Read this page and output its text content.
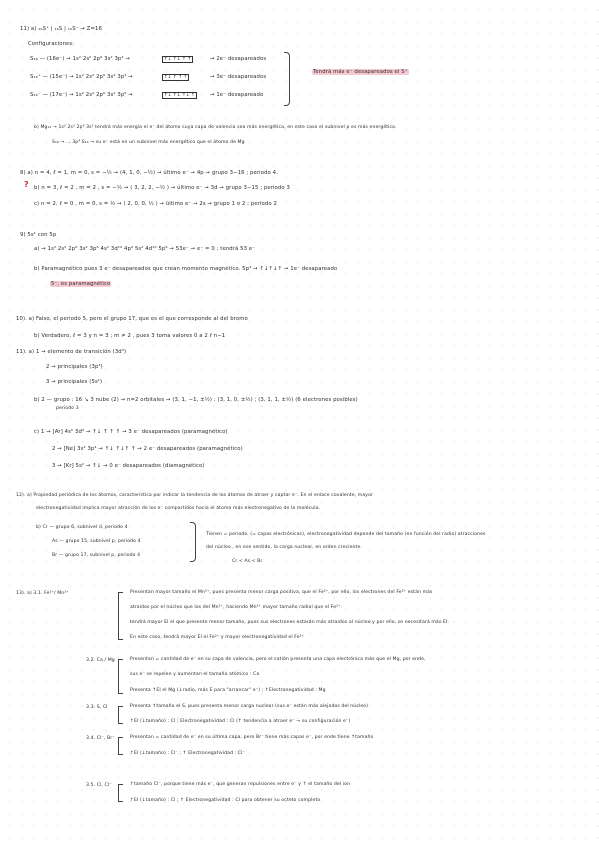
11) a) ₁₆S⁺ | ₁₆S | ₁₆S⁻ → Z=16
Configuraciones:
S₁₆ — (16e⁻) → 1s² 2s² 2p⁶ 3s² 3p⁴ →	↑↓ ↑↓ ↑ ↑	→ 2e⁻ desapareados
S₁₆⁺ — (15e⁻) → 1s² 2s² 2p⁶ 3s² 3p³ →	↑↓ ↑ ↑ ↑	→ 3e⁻ desapareados
S₁₆⁻ — (17e⁻) → 1s² 2s² 2p⁶ 3s² 3p⁵ →	↑↓ ↑↓ ↑↓ ↑	→ 1e⁻ desapareado
Tendrá más e⁻ desapareados el S⁺
b) Mg₁₂ → 1s² 2s² 2p⁶ 3s² tendrá más energía el e⁻ del átomo cuya capa de valencia sea más energética, en este caso el subnivel p es más energético.
S₁₆ → … 3p⁴ S₁₆ → su e⁻ está en un subnivel más energético que el átomo de Mg
8) a) n = 4, ℓ = 1, m = 0, s = −½ → (4, 1, 0, −½) → último e⁻ → 4p → grupo 3−16 ; periodo 4.
? b) n = 3, ℓ = 2 , m = 2 , s = −½ → ( 3, 2, 2, −½ ) → último e⁻ → 3d → grupo 3−15 ; periodo 3
c) n = 2, ℓ = 0 , m = 0, s = ½ → ( 2, 0, 0, ½ ) → último e⁻ → 2s → grupo 1 o 2 ; periodo 2
9) 5s¹ con 5p
a) → 1s² 2s² 2p⁶ 3s² 3p⁶ 4s² 3d¹⁰ 4p⁶ 5s² 4d¹⁰ 5p⁶ → 53e⁻ → e⁻ = 0 ; tendrá 53 e⁻
b) Paramagnético pues 3 e⁻ desapareados que crean momento magnético. 5p³ → ↑↓↑↓↑ → 1e⁻ desapareado
5⁻, es paramagnético
10). a) Falso, el periodo 5, pero el grupo 17, que es el que corresponde al del bromo
b) Verdadero, ℓ = 3 y n = 3 ; m ≠ 2 , pues 3 toma valores 0 a 2 ℓ n−1
11). a) 1 → elemento de transición (3d³)
2 → principales (3p³)
3 → principales (5s¹)
b) 2 — grupo : 16 ↘ 3 nube (2) → n=2 orbitales → (3, 1, −1, ±½) ; (3, 1, 0, ±½) ; (3, 1, 1, ±½) (6 electrones posibles)
periodo 3
c) 1 → [Ar] 4s² 3d³ → ↑↓ ↑ ↑ ↑ → 3 e⁻ desapareados (paramagnético)
2 → [Ne] 3s² 3p⁴ → ↑↓ ↑↓↑ ↑ → 2 e⁻ desapareados (paramagnético)
3 → [Kr] 5s² → ↑↓ → 0 e⁻ desapareados (diamagnético)
12). a) Propiedad periódica de los átomos, característica por indicar la tendencia de los átomos de atraer y captar e⁻. En el enlace covalente, mayor
electronegatividad implica mayor atracción de los e⁻ compartidos hacia el átomo más electronegativo de la molécula.
b) Cr — grupo 6, subnivel d, periodo 4
As — grupo 15, subnivel p, periodo 4
Br — grupo 17, subnivel p, periodo 4
Tienen = periodo. (= capas electrónicas), electronegatividad depende del tamaño (en función del radio) atracciones
del núcleo , en ese sentido, la carga nuclear, en orden creciente.
Cr < As < Br
13). a) 3.1. Fe²⁺/ Mn²⁺	Presentan mayor tamaño el Mn²⁺, pues presenta menor carga positiva, que el Fe²⁺, por ello, los electrones del Fe²⁺ están más
atraídos por el núcleo que los del Mn²⁺, haciendo Mn²⁺ mayor tamaño radial que el Fe²⁺.
tendrá mayor EI el que presente menor tamaño, pues sus electrones estarán más atraídos al núcleo y por ello, se necesitará más EI.
En este caso, tendrá mayor EI el Fe²⁺ y mayor electronegatividad el Fe²⁺
3.2. Ca / Mg	Presentan = cantidad de e⁻ en su capa de valencia, pero el catión presenta una capa electrónica más que el Mg, por ende,
sus e⁻ se repelen y aumentan el tamaño atómico : Ca
Presenta ↑EI el Mg (↓radio, más E para "arrancar" e⁻) ; ↑Electronegatividad : Mg
3.3. S, Cl	Presenta ↑tamaño el S, pues presenta menor carga nuclear (sus e⁻ están más alejados del núcleo)
↑EI (↓tamaño) : Cl ; Electronegatividad : Cl (↑ tendencia a atraer e⁻ → su configuración e⁻)
3.4. Cl⁻, Br⁻	Presentan = cantidad de e⁻ en su última capa, pero Br⁻ tiene más capas e⁻, por ende tiene ↑tamaño
↑EI (↓tamaño) : Cl⁻ ; ↑ Electronegatividad : Cl⁻
3.5. Cl, Cl⁻	↑tamaño Cl⁻, porque tiene más e⁻, que generan repulsiones entre e⁻ y ↑ el tamaño del ion
↑EI (↓tamaño) : Cl ; ↑ Electronegatividad : Cl para obtener su octeto completo
